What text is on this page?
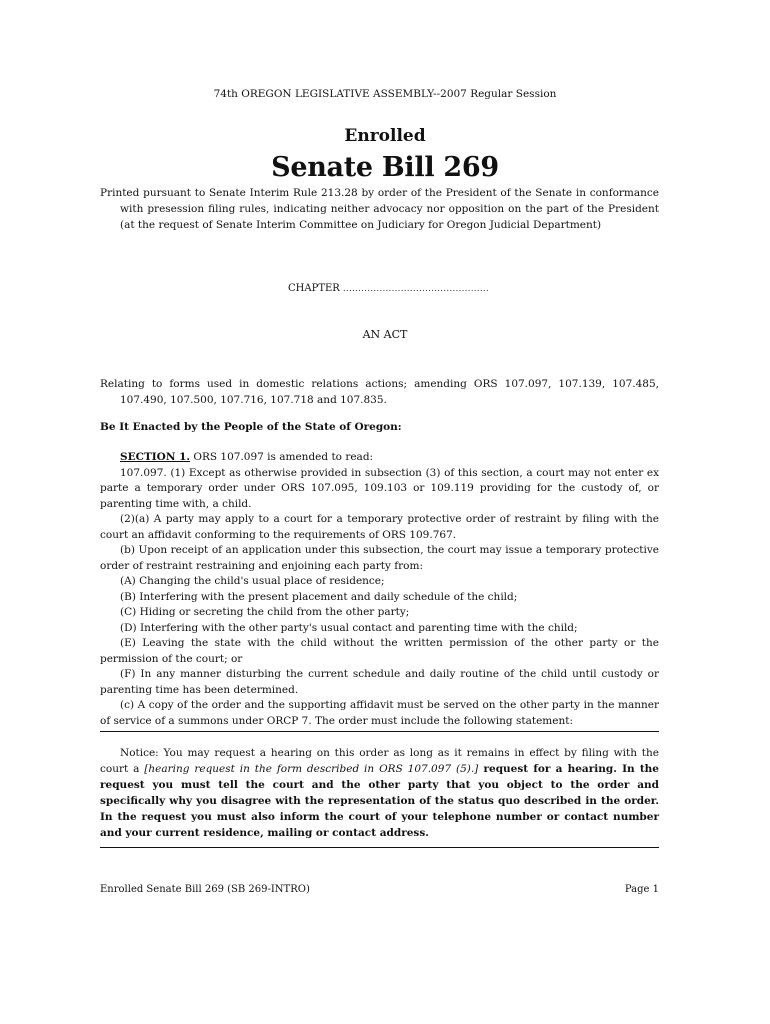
74th OREGON LEGISLATIVE ASSEMBLY--2007 Regular Session
Enrolled
Senate Bill 269

Printed pursuant to Senate Interim Rule 213.28 by order of the President of the Senate in conformance with presession filing rules, indicating neither advocacy nor opposition on the part of the President (at the request of Senate Interim Committee on Judiciary for Oregon Judicial Department)

CHAPTER ................................................
AN ACT

Relating to forms used in domestic relations actions; amending ORS 107.097, 107.139, 107.485, 107.490, 107.500, 107.716, 107.718 and 107.835.

Be It Enacted by the People of the State of Oregon:

SECTION 1. ORS 107.097 is amended to read:

107.097. (1) Except as otherwise provided in subsection (3) of this section, a court may not enter ex parte a temporary order under ORS 107.095, 109.103 or 109.119 providing for the custody of, or parenting time with, a child.

(2)(a) A party may apply to a court for a temporary protective order of restraint by filing with the court an affidavit conforming to the requirements of ORS 109.767.

(b) Upon receipt of an application under this subsection, the court may issue a temporary protective order of restraint restraining and enjoining each party from:

(A) Changing the child's usual place of residence;

(B) Interfering with the present placement and daily schedule of the child;

(C) Hiding or secreting the child from the other party;

(D) Interfering with the other party's usual contact and parenting time with the child;

(E) Leaving the state with the child without the written permission of the other party or the permission of the court; or

(F) In any manner disturbing the current schedule and daily routine of the child until custody or parenting time has been determined.

(c) A copy of the order and the supporting affidavit must be served on the other party in the manner of service of a summons under ORCP 7. The order must include the following statement:

Notice: You may request a hearing on this order as long as it remains in effect by filing with the court a [hearing request in the form described in ORS 107.097 (5).] request for a hearing. In the request you must tell the court and the other party that you object to the order and specifically why you disagree with the representation of the status quo described in the order. In the request you must also inform the court of your telephone number or contact number and your current residence, mailing or contact address.

Enrolled Senate Bill 269 (SB 269-INTRO)	Page 1
